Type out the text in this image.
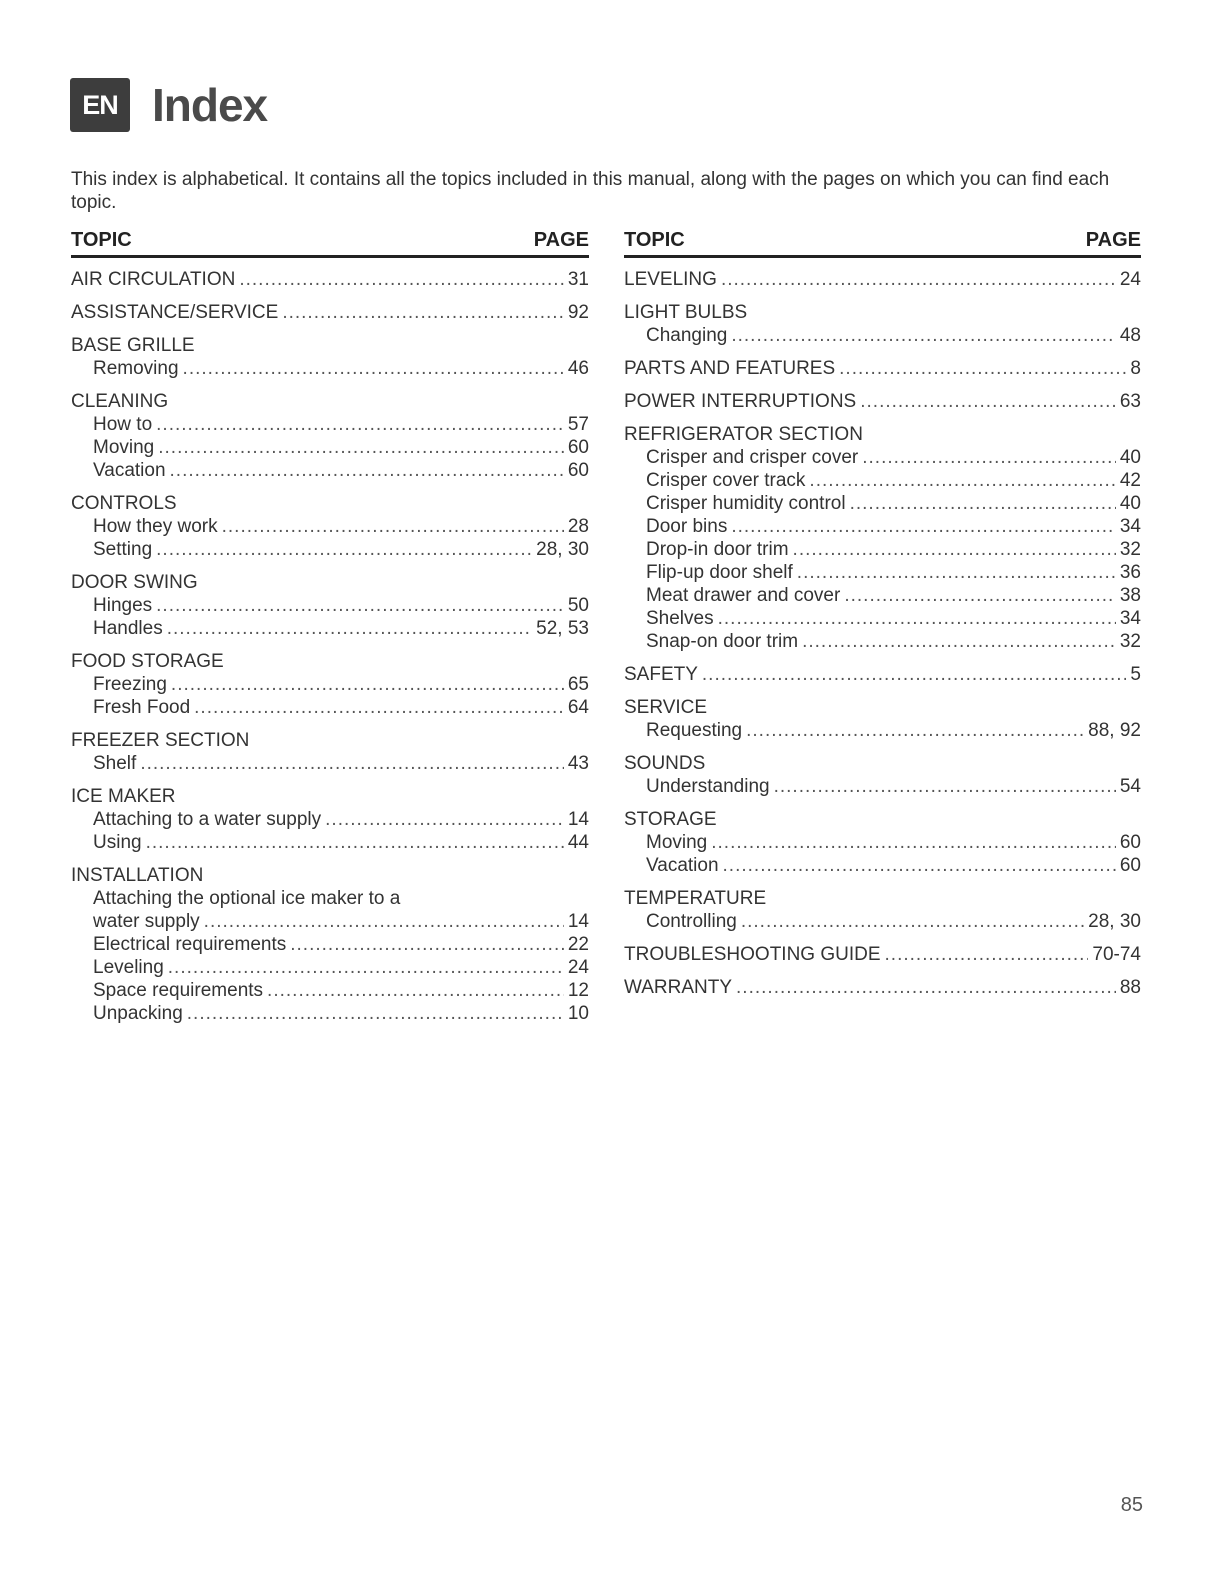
EN Index
This index is alphabetical. It contains all the topics included in this manual, along with the pages on which you can find each topic.
TOPIC	PAGE
AIR CIRCULATION .....	31
ASSISTANCE/SERVICE .....	92
BASE GRILLE
Removing .....	46
CLEANING
How to .....	57
Moving .....	60
Vacation .....	60
CONTROLS
How they work .....	28
Setting .....	28, 30
DOOR SWING
Hinges .....	50
Handles .....	52, 53
FOOD STORAGE
Freezing .....	65
Fresh Food .....	64
FREEZER SECTION
Shelf .....	43
ICE MAKER
Attaching to a water supply .....	14
Using .....	44
INSTALLATION
Attaching the optional ice maker to a
water supply .....	14
Electrical requirements .....	22
Leveling .....	24
Space requirements .....	12
Unpacking .....	10
TOPIC	PAGE
LEVELING .....	24
LIGHT BULBS
Changing .....	48
PARTS AND FEATURES .....	8
POWER INTERRUPTIONS .....	63
REFRIGERATOR SECTION
Crisper and crisper cover .....	40
Crisper cover track .....	42
Crisper humidity control .....	40
Door bins .....	34
Drop-in door trim .....	32
Flip-up door shelf .....	36
Meat drawer and cover .....	38
Shelves .....	34
Snap-on door trim .....	32
SAFETY .....	5
SERVICE
Requesting .....	88, 92
SOUNDS
Understanding .....	54
STORAGE
Moving .....	60
Vacation .....	60
TEMPERATURE
Controlling .....	28, 30
TROUBLESHOOTING GUIDE .....	70-74
WARRANTY .....	88
85
